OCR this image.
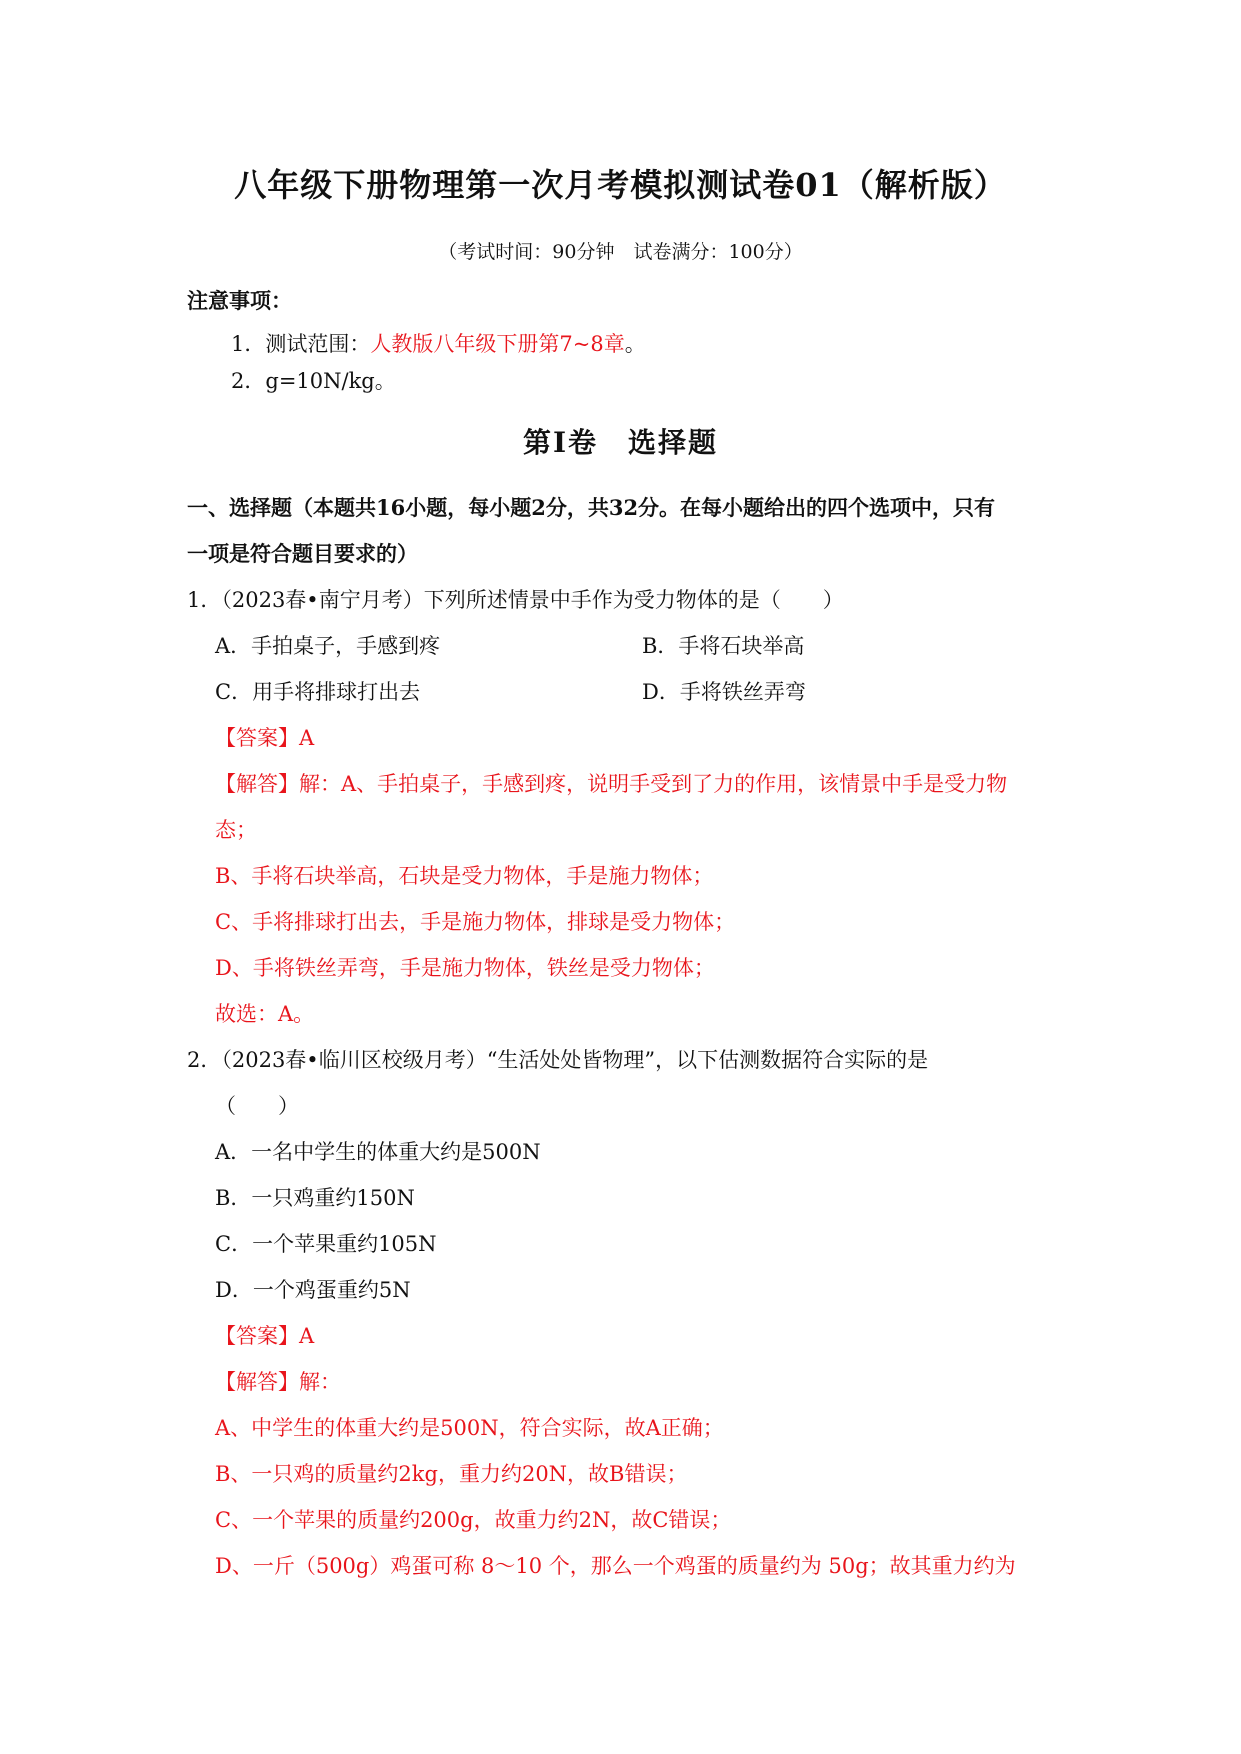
八年级下册物理第一次月考模拟测试卷01（解析版）
（考试时间：90分钟　试卷满分：100分）
注意事项：
1．测试范围：人教版八年级下册第7~8章。
2．g=10N/kg。
第Ⅰ卷　选择题
一、选择题（本题共16小题，每小题2分，共32分。在每小题给出的四个选项中，只有
一项是符合题目要求的）
1．（2023春•南宁月考）下列所述情景中手作为受力物体的是（　　）
A．手拍桌子，手感到疼	B．手将石块举高
C．用手将排球打出去	D．手将铁丝弄弯
【答案】A
【解答】解：A、手拍桌子，手感到疼，说明手受到了力的作用，该情景中手是受力物
态；
B、手将石块举高，石块是受力物体，手是施力物体；
C、手将排球打出去，手是施力物体，排球是受力物体；
D、手将铁丝弄弯，手是施力物体，铁丝是受力物体；
故选：A。
2．（2023春•临川区校级月考）“生活处处皆物理”，以下估测数据符合实际的是
（　　）
A．一名中学生的体重大约是500N
B．一只鸡重约150N
C．一个苹果重约105N
D．一个鸡蛋重约5N
【答案】A
【解答】解：
A、中学生的体重大约是500N，符合实际，故A正确；
B、一只鸡的质量约2kg，重力约20N，故B错误；
C、一个苹果的质量约200g，故重力约2N，故C错误；
D、一斤（500g）鸡蛋可称 8～10 个，那么一个鸡蛋的质量约为 50g；故其重力约为
